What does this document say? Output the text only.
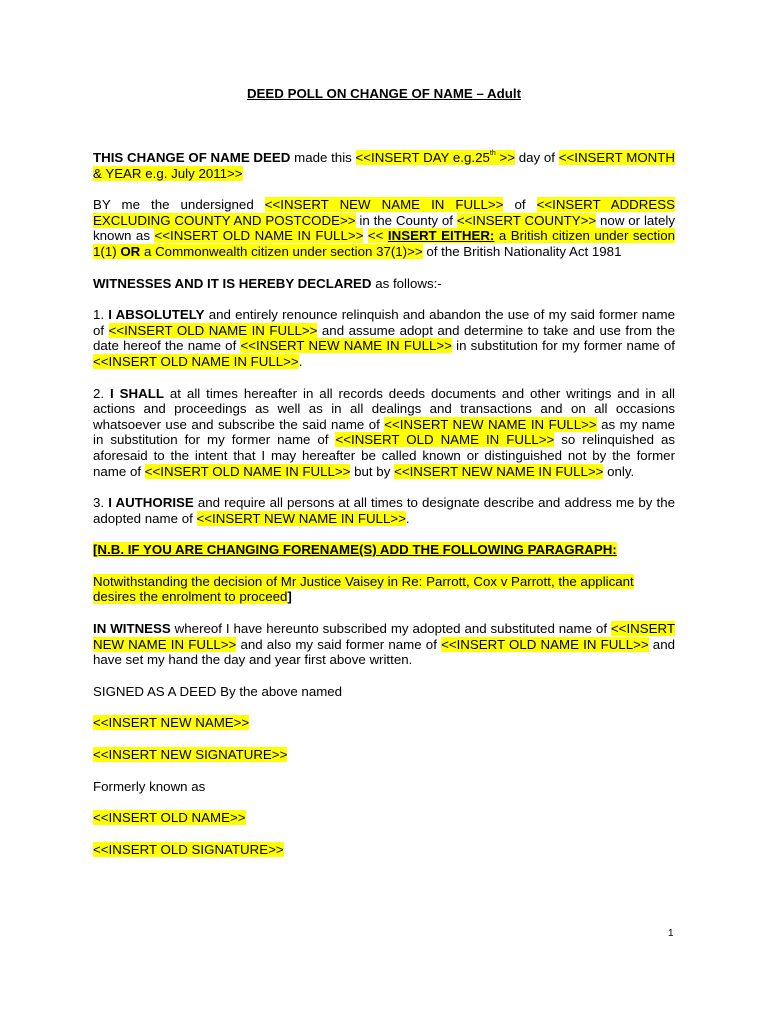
DEED POLL ON CHANGE OF NAME – Adult

THIS CHANGE OF NAME DEED made this <<INSERT DAY e.g.25th >> day of <<INSERT MONTH & YEAR e.g. July 2011>>

BY me the undersigned <<INSERT NEW NAME IN FULL>> of <<INSERT ADDRESS EXCLUDING COUNTY AND POSTCODE>> in the County of <<INSERT COUNTY>> now or lately known as <<INSERT OLD NAME IN FULL>> << INSERT EITHER: a British citizen under section 1(1) OR a Commonwealth citizen under section 37(1)>> of the British Nationality Act 1981

WITNESSES AND IT IS HEREBY DECLARED as follows:-

1. I ABSOLUTELY and entirely renounce relinquish and abandon the use of my said former name of <<INSERT OLD NAME IN FULL>> and assume adopt and determine to take and use from the date hereof the name of <<INSERT NEW NAME IN FULL>> in substitution for my former name of <<INSERT OLD NAME IN FULL>>.

2. I SHALL at all times hereafter in all records deeds documents and other writings and in all actions and proceedings as well as in all dealings and transactions and on all occasions whatsoever use and subscribe the said name of <<INSERT NEW NAME IN FULL>> as my name in substitution for my former name of <<INSERT OLD NAME IN FULL>> so relinquished as aforesaid to the intent that I may hereafter be called known or distinguished not by the former name of <<INSERT OLD NAME IN FULL>> but by <<INSERT NEW NAME IN FULL>> only.

3. I AUTHORISE and require all persons at all times to designate describe and address me by the adopted name of <<INSERT NEW NAME IN FULL>>.

[N.B. IF YOU ARE CHANGING FORENAME(S) ADD THE FOLLOWING PARAGRAPH:

Notwithstanding the decision of Mr Justice Vaisey in Re: Parrott, Cox v Parrott, the applicant desires the enrolment to proceed]

IN WITNESS whereof I have hereunto subscribed my adopted and substituted name of <<INSERT NEW NAME IN FULL>> and also my said former name of <<INSERT OLD NAME IN FULL>> and have set my hand the day and year first above written.

SIGNED AS A DEED By the above named

<<INSERT NEW NAME>>

<<INSERT NEW SIGNATURE>>

Formerly known as

<<INSERT OLD NAME>>

<<INSERT OLD SIGNATURE>>

1
